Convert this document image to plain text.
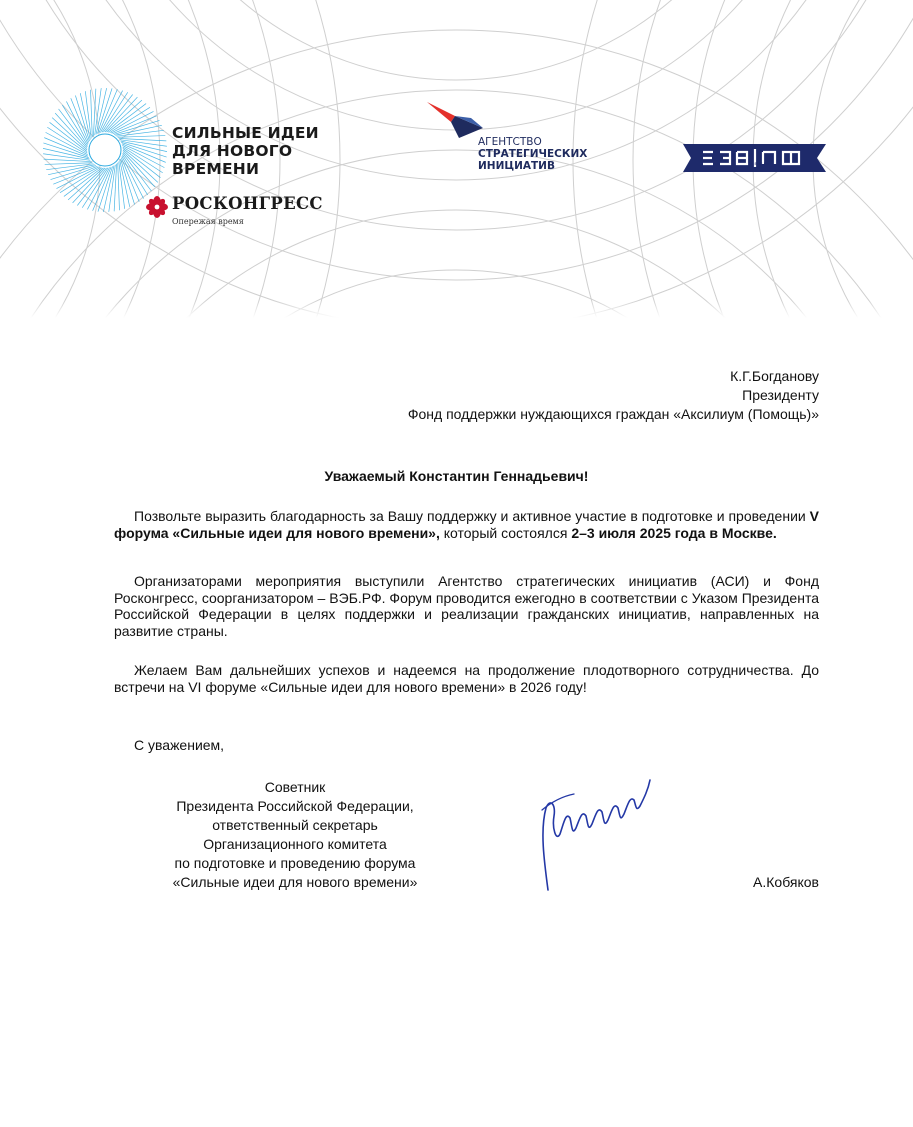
СИЛЬНЫЕ ИДЕИ
ДЛЯ НОВОГО
ВРЕМЕНИ
РОСКОНГРЕСС
Опережая время
АГЕНТСТВО
СТРАТЕГИЧЕСКИХ
ИНИЦИАТИВ	ВЭБ.РФ
К.Г.Богданову
Президенту
Фонд поддержки нуждающихся граждан «Аксилиум (Помощь)»
Уважаемый Константин Геннадьевич!

Позвольте выразить благодарность за Вашу поддержку и активное участие в подготовке и проведении V форума «Сильные идеи для нового времени», который состоялся 2–3 июля 2025 года в Москве.

Организаторами мероприятия выступили Агентство стратегических инициатив (АСИ) и Фонд Росконгресс, соорганизатором – ВЭБ.РФ. Форум проводится ежегодно в соответствии с Указом Президента Российской Федерации в целях поддержки и реализации гражданских инициатив, направленных на развитие страны.

Желаем Вам дальнейших успехов и надеемся на продолжение плодотворного сотрудничества. До встречи на VI форуме «Сильные идеи для нового времени» в 2026 году!

С уважением,
Советник
Президента Российской Федерации,
ответственный секретарь
Организационного комитета
по подготовке и проведению форума
«Сильные идеи для нового времени»	А.Кобяков
